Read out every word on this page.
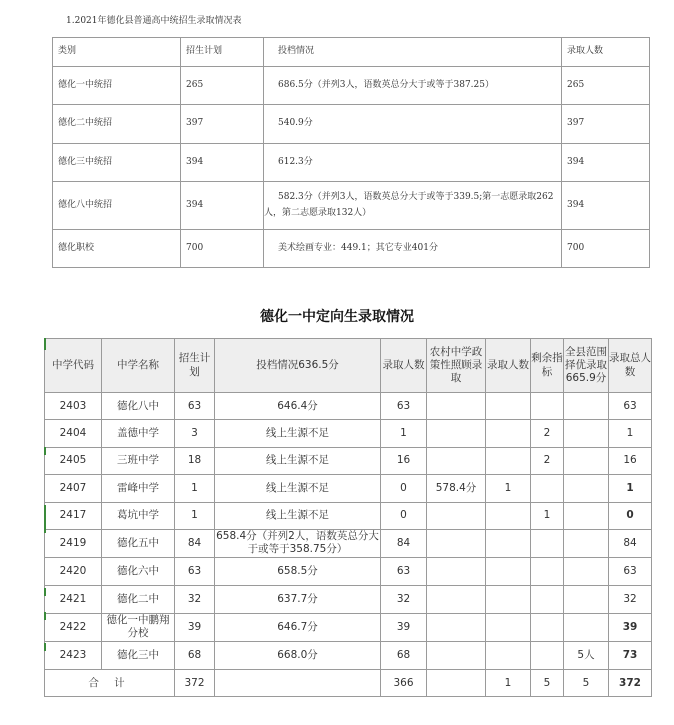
1.2021年德化县普通高中统招生录取情况表
类别	招生计划	投档情况	录取人数
德化一中统招	265	686.5分（并列3人，语数英总分大于或等于387.25）	265
德化二中统招	397	540.9分	397
德化三中统招	394	612.3分	394
德化八中统招	394	582.3分（并列3人，语数英总分大于或等于339.5;第一志愿录取262
人，第二志愿录取132人）	394
德化职校	700	美术绘画专业：449.1；其它专业401分	700
德化一中定向生录取情况
中学代码	中学名称	招生计划	投档情况636.5分	录取人数	农村中学政策性照顾录取	录取人数	剩余指标	全县范围择优录取665.9分	录取总人数
2403	德化八中	63	646.4分	63					63
2404	盖德中学	3	线上生源不足	1			2		1
2405	三班中学	18	线上生源不足	16			2		16
2407	雷峰中学	1	线上生源不足	0	578.4分	1			1
2417	葛坑中学	1	线上生源不足	0			1		0
2419	德化五中	84	658.4分（并列2人，语数英总分大于或等于358.75分）	84					84
2420	德化六中	63	658.5分	63					63
2421	德化二中	32	637.7分	32					32
2422	德化一中鹏翔分校	39	646.7分	39					39
2423	德化三中	68	668.0分	68				5人	73
合 计		372		366		1	5	5	372
